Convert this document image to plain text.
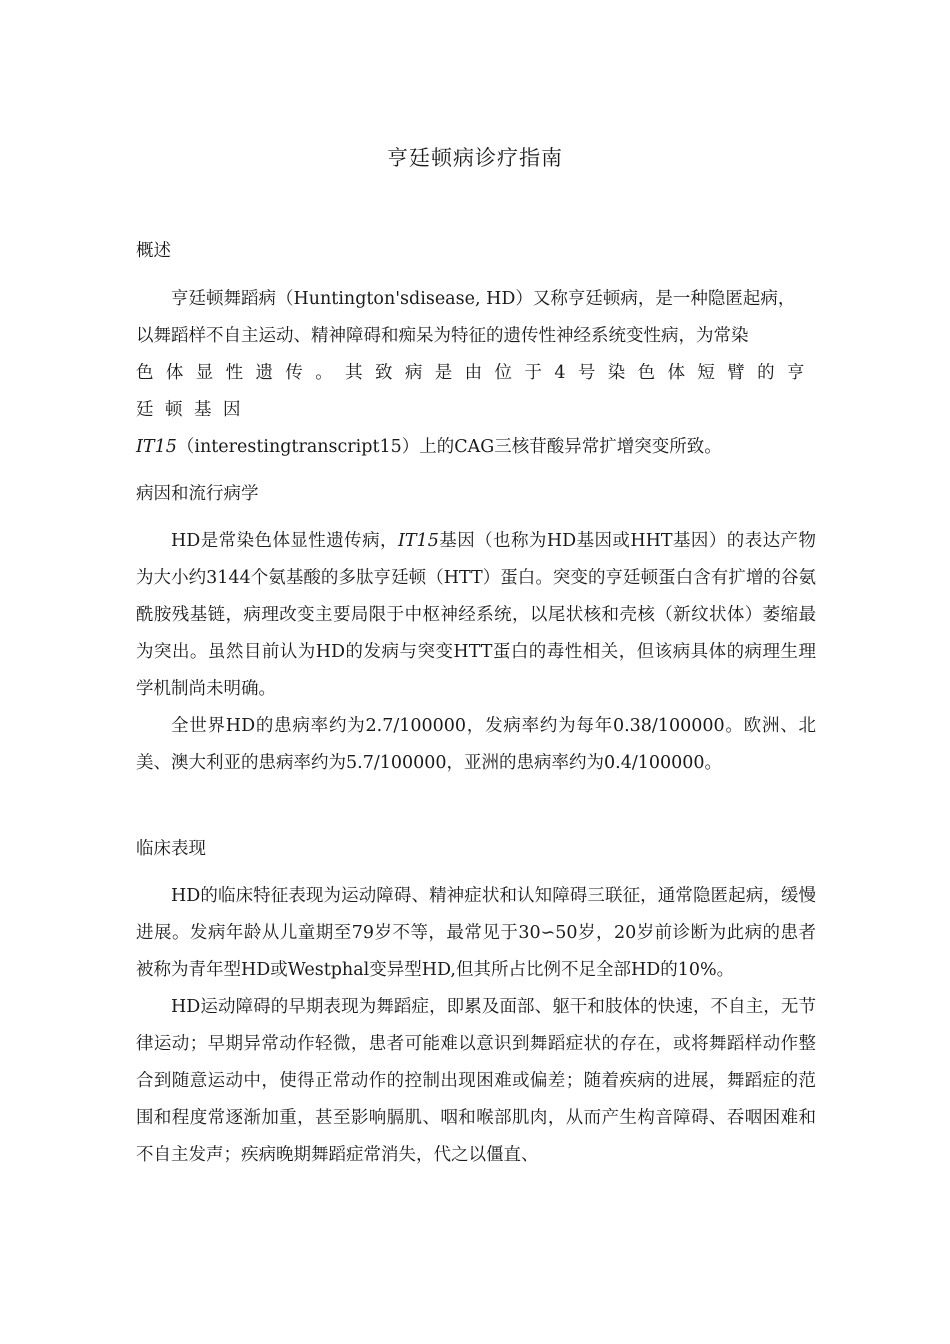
亨廷顿病诊疗指南
概述
亨廷顿舞蹈病（Huntington'sdisease, HD）又称亨廷顿病，是一种隐匿起病，
以舞蹈样不自主运动、精神障碍和痴呆为特征的遗传性神经系统变性病，为常染
色体显性遗传。其致病是由位于4号染色体短臂的亨廷顿基因
IT15（interestingtranscript15）上的CAG三核苷酸异常扩增突变所致。
病因和流行病学

HD是常染色体显性遗传病，IT15基因（也称为HD基因或HHT基因）的表达产物为大小约3144个氨基酸的多肽亨廷顿（HTT）蛋白。突变的亨廷顿蛋白含有扩增的谷氨酰胺残基链，病理改变主要局限于中枢神经系统，以尾状核和壳核（新纹状体）萎缩最为突出。虽然目前认为HD的发病与突变HTT蛋白的毒性相关，但该病具体的病理生理学机制尚未明确。

全世界HD的患病率约为2.7/100000，发病率约为每年0.38/100000。欧洲、北美、澳大利亚的患病率约为5.7/100000，亚洲的患病率约为0.4/100000。

临床表现

HD的临床特征表现为运动障碍、精神症状和认知障碍三联征，通常隐匿起病，缓慢进展。发病年龄从儿童期至79岁不等，最常见于30∽50岁，20岁前诊断为此病的患者被称为青年型HD或Westphal变异型HD,但其所占比例不足全部HD的10%。

HD运动障碍的早期表现为舞蹈症，即累及面部、躯干和肢体的快速，不自主，无节律运动；早期异常动作轻微，患者可能难以意识到舞蹈症状的存在，或将舞蹈样动作整合到随意运动中，使得正常动作的控制出现困难或偏差；随着疾病的进展，舞蹈症的范围和程度常逐渐加重，甚至影响膈肌、咽和喉部肌肉，从而产生构音障碍、吞咽困难和不自主发声；疾病晚期舞蹈症常消失，代之以僵直、
